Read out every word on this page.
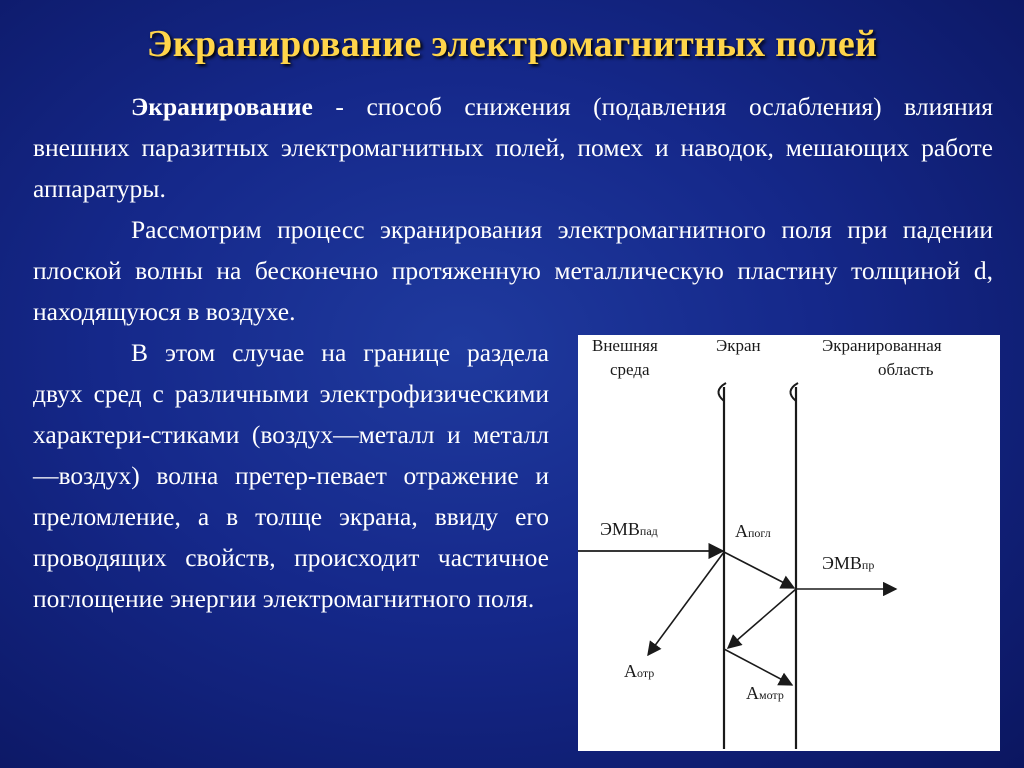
Экранирование электромагнитных полей
Экранирование - способ снижения (подавления ослабления) влияния внешних паразитных электромагнитных полей, помех и наводок, мешающих работе аппаратуры.
Рассмотрим процесс экранирования электромагнитного поля при падении плоской волны на бесконечно протяженную металлическую пластину толщиной d, находящуюся в воздухе.
В этом случае на границе раздела двух сред с различными электрофизическими характери-стиками (воздух—металл и металл—воздух) волна претер-певает отражение и преломление, а в толще экрана, ввиду его проводящих свойств, происходит частичное поглощение энергии электромагнитного поля.
Внешняя
среда
Экран	Экранированная
область
ЭМВпад	Апогл
ЭМВпр
Аотр
Амотр
